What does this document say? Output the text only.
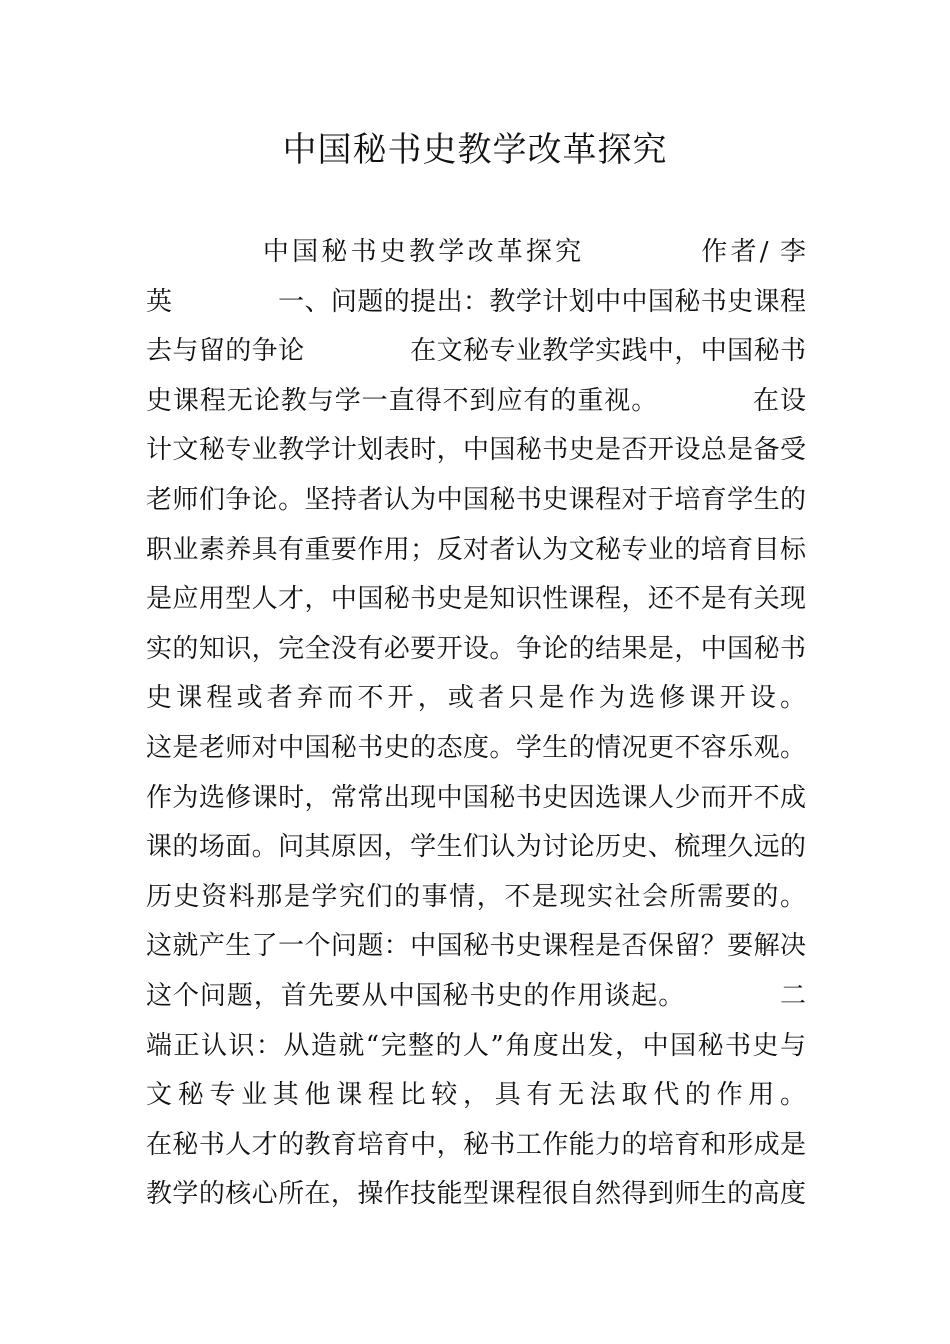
中国秘书史教学改革探究
　　　　中国秘书史教学改革探究　　　　作者/ 李
英　　　　一、问题的提出：教学计划中中国秘书史课程
去与留的争论　　　　在文秘专业教学实践中，中国秘书
史课程无论教与学一直得不到应有的重视。　　　　在设
计文秘专业教学计划表时，中国秘书史是否开设总是备受
老师们争论。坚持者认为中国秘书史课程对于培育学生的
职业素养具有重要作用；反对者认为文秘专业的培育目标
是应用型人才，中国秘书史是知识性课程，还不是有关现
实的知识，完全没有必要开设。争论的结果是，中国秘书
史课程或者弃而不开，或者只是作为选修课开设。
这是老师对中国秘书史的态度。学生的情况更不容乐观。
作为选修课时，常常出现中国秘书史因选课人少而开不成
课的场面。问其原因，学生们认为讨论历史、梳理久远的
历史资料那是学究们的事情，不是现实社会所需要的。
这就产生了一个问题：中国秘书史课程是否保留？要解决
这个问题，首先要从中国秘书史的作用谈起。　　　　二
端正认识：从造就“完整的人”角度出发，中国秘书史与
文秘专业其他课程比较，具有无法取代的作用。
在秘书人才的教育培育中，秘书工作能力的培育和形成是
教学的核心所在，操作技能型课程很自然得到师生的高度
